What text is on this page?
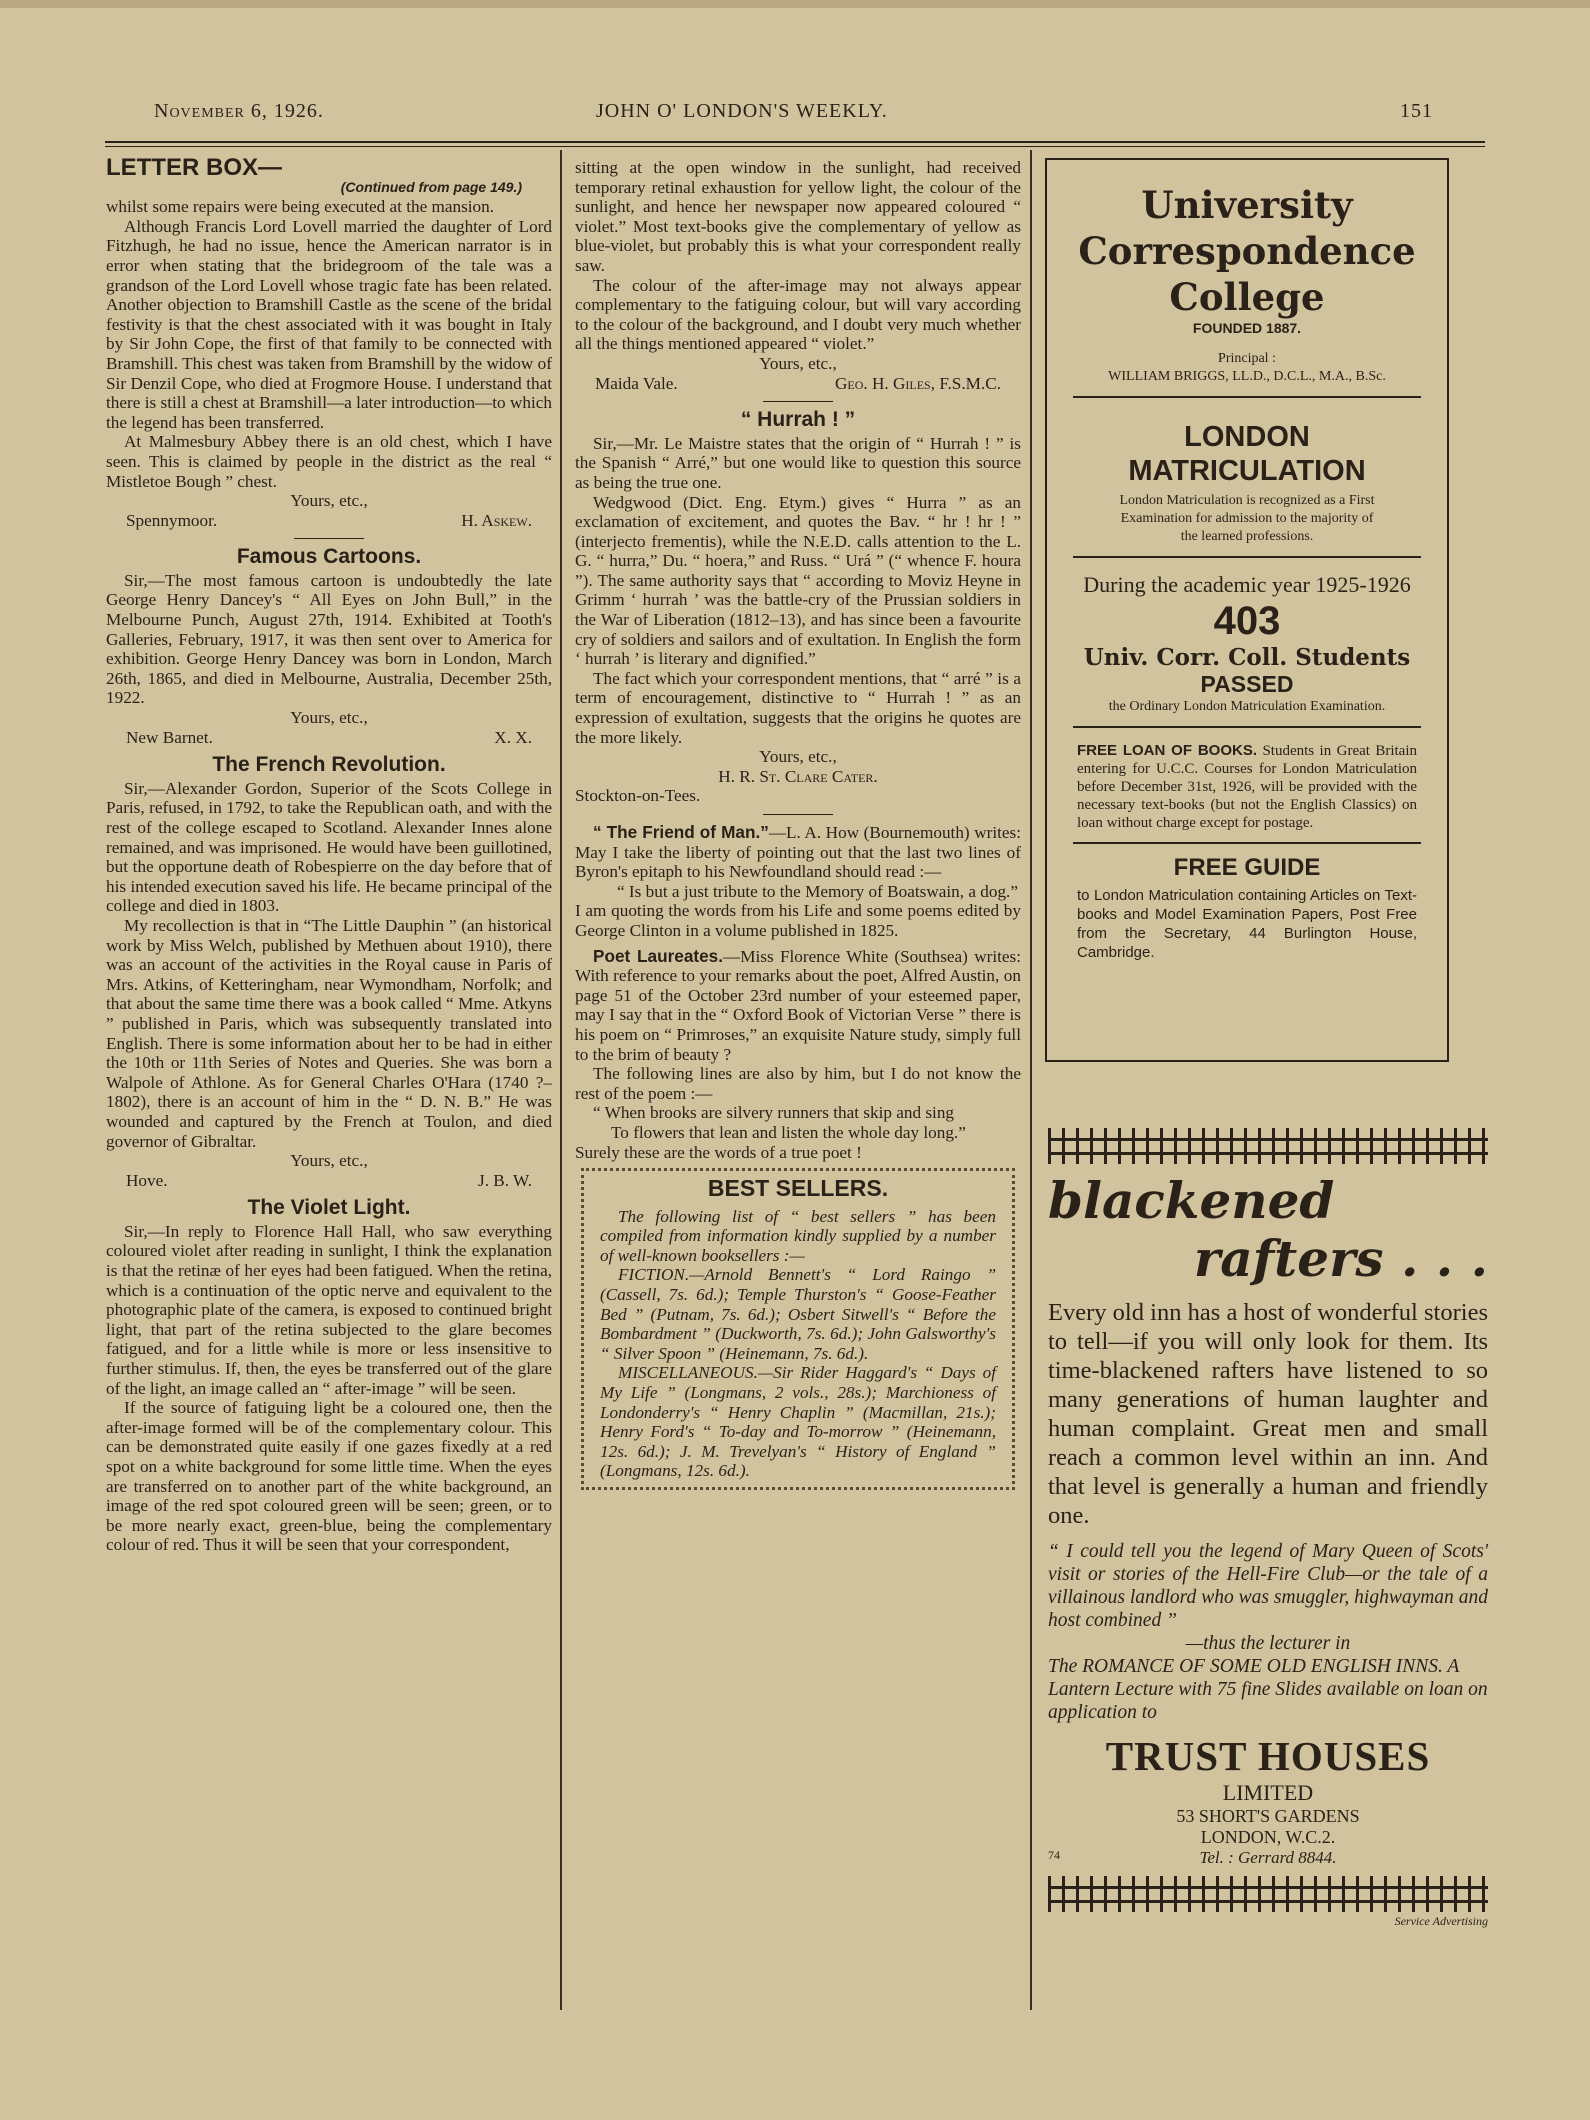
November 6, 1926.	JOHN O' LONDON'S WEEKLY.	151
LETTER BOX—
(Continued from page 149.)

whilst some repairs were being executed at the mansion.

Although Francis Lord Lovell married the daughter of Lord Fitzhugh, he had no issue, hence the American narrator is in error when stating that the bridegroom of the tale was a grandson of the Lord Lovell whose tragic fate has been related. Another objection to Bramshill Castle as the scene of the bridal festivity is that the chest associated with it was bought in Italy by Sir John Cope, the first of that family to be connected with Bramshill. This chest was taken from Bramshill by the widow of Sir Denzil Cope, who died at Frogmore House. I understand that there is still a chest at Bramshill—a later introduction—to which the legend has been transferred.

At Malmesbury Abbey there is an old chest, which I have seen. This is claimed by people in the district as the real “ Mistletoe Bough ” chest.

Yours, etc.,
Spennymoor.	H. Askew.
Famous Cartoons.

Sir,—The most famous cartoon is undoubtedly the late George Henry Dancey's “ All Eyes on John Bull,” in the Melbourne Punch, August 27th, 1914. Exhibited at Tooth's Galleries, February, 1917, it was then sent over to America for exhibition. George Henry Dancey was born in London, March 26th, 1865, and died in Melbourne, Australia, December 25th, 1922.

Yours, etc.,
New Barnet.	X. X.
The French Revolution.

Sir,—Alexander Gordon, Superior of the Scots College in Paris, refused, in 1792, to take the Republican oath, and with the rest of the college escaped to Scotland. Alexander Innes alone remained, and was imprisoned. He would have been guillotined, but the opportune death of Robespierre on the day before that of his intended execution saved his life. He became principal of the college and died in 1803.

My recollection is that in “The Little Dauphin ” (an historical work by Miss Welch, published by Methuen about 1910), there was an account of the activities in the Royal cause in Paris of Mrs. Atkins, of Ketteringham, near Wymondham, Norfolk; and that about the same time there was a book called “ Mme. Atkyns ” published in Paris, which was subsequently translated into English. There is some information about her to be had in either the 10th or 11th Series of Notes and Queries. She was born a Walpole of Athlone. As for General Charles O'Hara (1740 ?–1802), there is an account of him in the “ D. N. B.” He was wounded and captured by the French at Toulon, and died governor of Gibraltar.

Yours, etc.,
Hove.	J. B. W.
The Violet Light.

Sir,—In reply to Florence Hall Hall, who saw everything coloured violet after reading in sunlight, I think the explanation is that the retinæ of her eyes had been fatigued. When the retina, which is a continuation of the optic nerve and equivalent to the photographic plate of the camera, is exposed to continued bright light, that part of the retina subjected to the glare becomes fatigued, and for a little while is more or less insensitive to further stimulus. If, then, the eyes be transferred out of the glare of the light, an image called an “ after-image ” will be seen.

If the source of fatiguing light be a coloured one, then the after-image formed will be of the complementary colour. This can be demonstrated quite easily if one gazes fixedly at a red spot on a white background for some little time. When the eyes are transferred on to another part of the white background, an image of the red spot coloured green will be seen; green, or to be more nearly exact, green-blue, being the complementary colour of red. Thus it will be seen that your correspondent,

sitting at the open window in the sunlight, had received temporary retinal exhaustion for yellow light, the colour of the sunlight, and hence her newspaper now appeared coloured “ violet.” Most text-books give the complementary of yellow as blue-violet, but probably this is what your correspondent really saw.

The colour of the after-image may not always appear complementary to the fatiguing colour, but will vary according to the colour of the background, and I doubt very much whether all the things mentioned appeared “ violet.”

Yours, etc.,
Maida Vale.	Geo. H. Giles, F.S.M.C.
“ Hurrah ! ”

Sir,—Mr. Le Maistre states that the origin of “ Hurrah ! ” is the Spanish “ Arré,” but one would like to question this source as being the true one.

Wedgwood (Dict. Eng. Etym.) gives “ Hurra ” as an exclamation of excitement, and quotes the Bav. “ hr ! hr ! ” (interjecto frementis), while the N.E.D. calls attention to the L. G. “ hurra,” Du. “ hoera,” and Russ. “ Urá ” (“ whence F. houra ”). The same authority says that “ according to Moviz Heyne in Grimm ‘ hurrah ’ was the battle-cry of the Prussian soldiers in the War of Liberation (1812–13), and has since been a favourite cry of soldiers and sailors and of exultation. In English the form ‘ hurrah ’ is literary and dignified.”

The fact which your correspondent mentions, that “ arré ” is a term of encouragement, distinctive to “ Hurrah ! ” as an expression of exultation, suggests that the origins he quotes are the more likely.

Yours, etc.,
H. R. St. Clare Cater.
Stockton-on-Tees.

“ The Friend of Man.”—L. A. How (Bournemouth) writes: May I take the liberty of pointing out that the last two lines of Byron's epitaph to his Newfoundland should read :—

“ Is but a just tribute to the Memory of Boatswain, a dog.”

I am quoting the words from his Life and some poems edited by George Clinton in a volume published in 1825.

Poet Laureates.—Miss Florence White (Southsea) writes: With reference to your remarks about the poet, Alfred Austin, on page 51 of the October 23rd number of your esteemed paper, may I say that in the “ Oxford Book of Victorian Verse ” there is his poem on “ Primroses,” an exquisite Nature study, simply full to the brim of beauty ?

The following lines are also by him, but I do not know the rest of the poem :—

“ When brooks are silvery runners that skip and sing

To flowers that lean and listen the whole day long.”

Surely these are the words of a true poet !

BEST SELLERS.

The following list of “ best sellers ” has been compiled from information kindly supplied by a number of well-known booksellers :—

FICTION.—Arnold Bennett's “ Lord Raingo ” (Cassell, 7s. 6d.); Temple Thurston's “ Goose-Feather Bed ” (Putnam, 7s. 6d.); Osbert Sitwell's “ Before the Bombardment ” (Duckworth, 7s. 6d.); John Galsworthy's “ Silver Spoon ” (Heinemann, 7s. 6d.).

MISCELLANEOUS.—Sir Rider Haggard's “ Days of My Life ” (Longmans, 2 vols., 28s.); Marchioness of Londonderry's “ Henry Chaplin ” (Macmillan, 21s.); Henry Ford's “ To-day and To-morrow ” (Heinemann, 12s. 6d.); J. M. Trevelyan's “ History of England ” (Longmans, 12s. 6d.).

University
Correspondence
College
FOUNDED 1887.
Principal :
WILLIAM BRIGGS, LL.D., D.C.L., M.A., B.Sc.
LONDON
MATRICULATION
London Matriculation is recognized as a First Examination for admission to the majority of the learned professions.
During the academic year 1925-1926
403
Univ. Corr. Coll. Students
PASSED
the Ordinary London Matriculation Examination.
FREE LOAN OF BOOKS. Students in Great Britain entering for U.C.C. Courses for London Matriculation before December 31st, 1926, will be provided with the necessary text-books (but not the English Classics) on loan without charge except for postage.
FREE GUIDE
to London Matriculation containing Articles on Text-books and Model Examination Papers, Post Free from the Secretary, 44 Burlington House, Cambridge.
blackened
rafters . . .
Every old inn has a host of wonderful stories to tell—if you will only look for them. Its time-blackened rafters have listened to so many generations of human laughter and human complaint. Great men and small reach a common level within an inn. And that level is generally a human and friendly one.
“ I could tell you the legend of Mary Queen of Scots' visit or stories of the Hell-Fire Club—or the tale of a villainous landlord who was smuggler, highwayman and host combined ”
—thus the lecturer in
The ROMANCE OF SOME OLD ENGLISH INNS. A Lantern Lecture with 75 fine Slides available on loan on application to
TRUST HOUSES
LIMITED
53 SHORT'S GARDENS
LONDON, W.C.2.
74	Tel. : Gerrard 8844.
Service Advertising
